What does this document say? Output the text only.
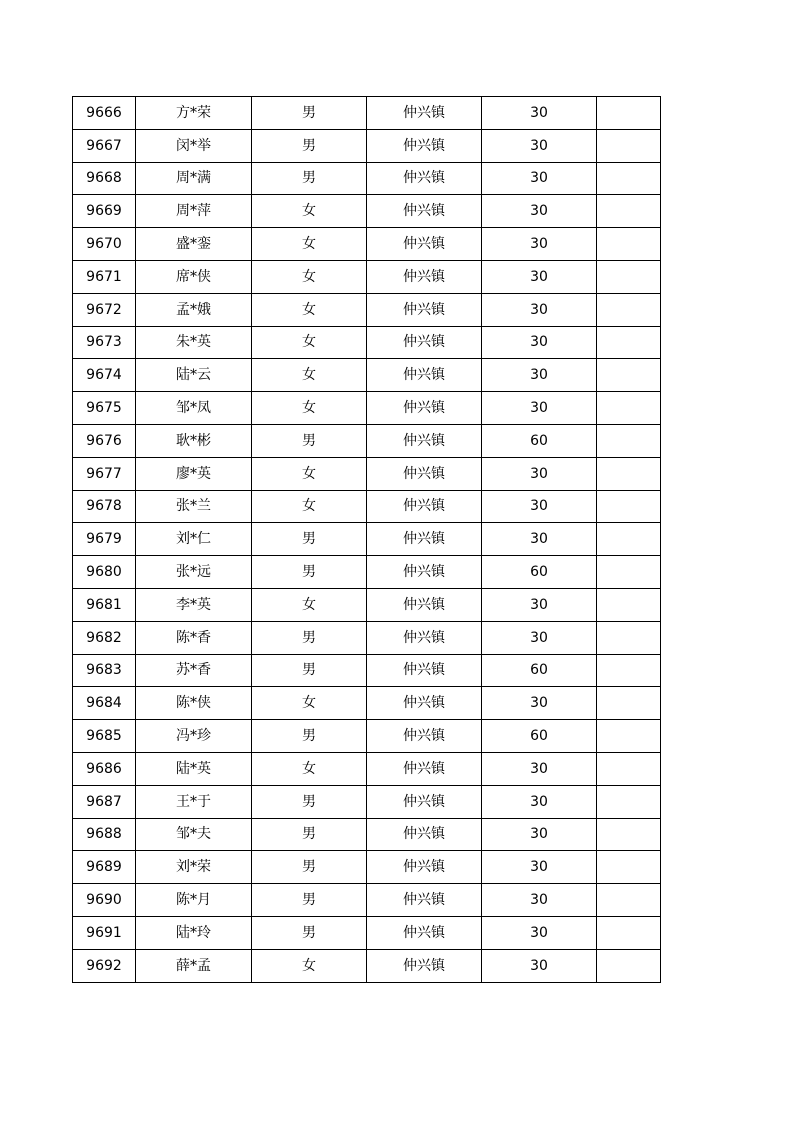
9666	方*荣	男	仲兴镇	30	
9667	闵*举	男	仲兴镇	30	
9668	周*满	男	仲兴镇	30	
9669	周*萍	女	仲兴镇	30	
9670	盛*銮	女	仲兴镇	30	
9671	席*侠	女	仲兴镇	30	
9672	孟*娥	女	仲兴镇	30	
9673	朱*英	女	仲兴镇	30	
9674	陆*云	女	仲兴镇	30	
9675	邹*凤	女	仲兴镇	30	
9676	耿*彬	男	仲兴镇	60	
9677	廖*英	女	仲兴镇	30	
9678	张*兰	女	仲兴镇	30	
9679	刘*仁	男	仲兴镇	30	
9680	张*远	男	仲兴镇	60	
9681	李*英	女	仲兴镇	30	
9682	陈*香	男	仲兴镇	30	
9683	苏*香	男	仲兴镇	60	
9684	陈*侠	女	仲兴镇	30	
9685	冯*珍	男	仲兴镇	60	
9686	陆*英	女	仲兴镇	30	
9687	王*于	男	仲兴镇	30	
9688	邹*夫	男	仲兴镇	30	
9689	刘*荣	男	仲兴镇	30	
9690	陈*月	男	仲兴镇	30	
9691	陆*玲	男	仲兴镇	30	
9692	薛*孟	女	仲兴镇	30	
